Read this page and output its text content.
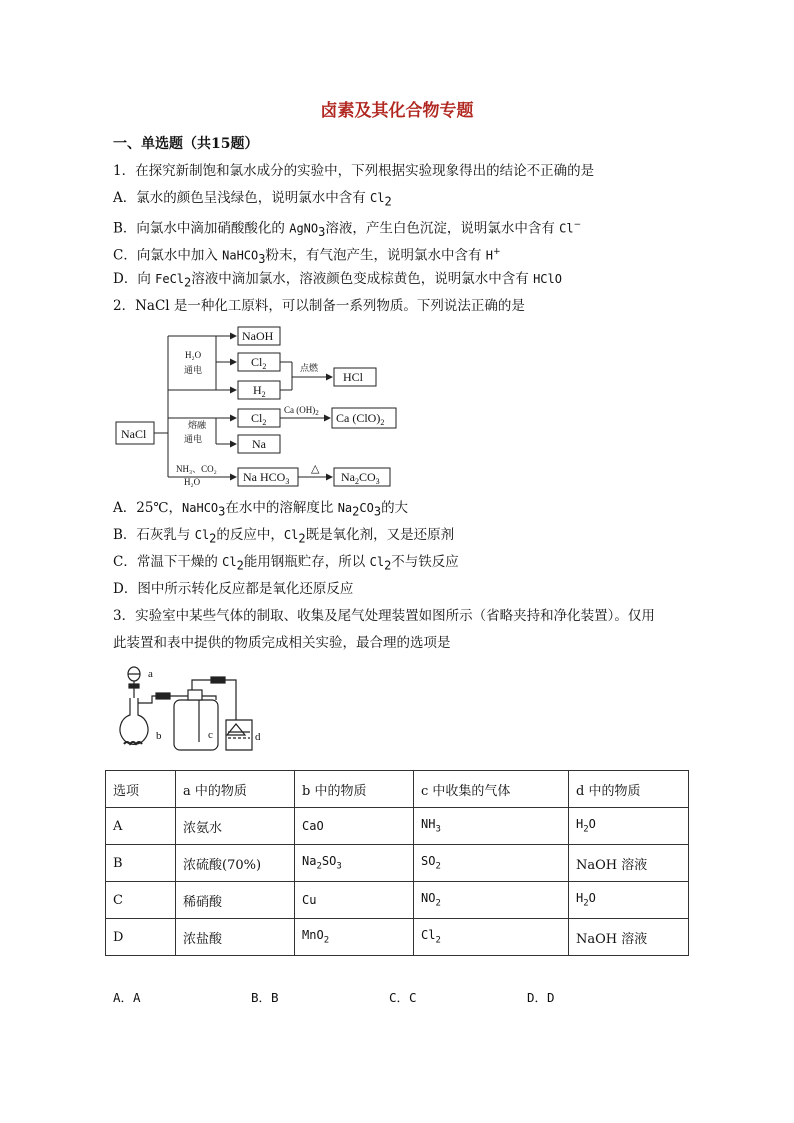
卤素及其化合物专题
一、单选题（共15题）
1．在探究新制饱和氯水成分的实验中，下列根据实验现象得出的结论不正确的是
A．氯水的颜色呈浅绿色，说明氯水中含有 $Cl_2$
B．向氯水中滴加硝酸酸化的 AgNO$_3$溶液，产生白色沉淀，说明氯水中含有 Cl−
C．向氯水中加入 NaHCO$_3$粉末，有气泡产生，说明氯水中含有 H+
D．向 FeCl$_2$溶液中滴加氯水，溶液颜色变成棕黄色，说明氯水中含有 HClO
2．NaCl 是一种化工原料，可以制备一系列物质。下列说法正确的是
NaCl
NaOH
$Cl_2$
$H_2$
HCl
$Cl_2$	Ca $(ClO)_2$
Na
Na $HCO_3$	$Na_2CO_3$
H₂O
通电	点燃
Ca $(OH)_2$
熔融
通电
NH₃、CO₂
H₂O
△
A．25℃，NaHCO$_3$在水中的溶解度比 $Na_2CO_3$的大
B．石灰乳与 $Cl_2$的反应中，$Cl_2$既是氧化剂，又是还原剂
C．常温下干燥的 $Cl_2$能用钢瓶贮存，所以 $Cl_2$不与铁反应
D．图中所示转化反应都是氧化还原反应
3．实验室中某些气体的制取、收集及尾气处理装置如图所示（省略夹持和净化装置）。仅用
此装置和表中提供的物质完成相关实验，最合理的选项是
a
b	c	d
选项	a 中的物质	b 中的物质	c 中收集的气体	d 中的物质
A	浓氨水	CaO	$NH_3$	$H_2O$
B	浓硫酸(70%)	$Na_2SO_3$	$SO_2$	NaOH 溶液
C	稀硝酸	Cu	$NO_2$	$H_2O$
D	浓盐酸	MnO$_2$	$Cl_2$	NaOH 溶液
A．A	B．B	C．C	D．D
